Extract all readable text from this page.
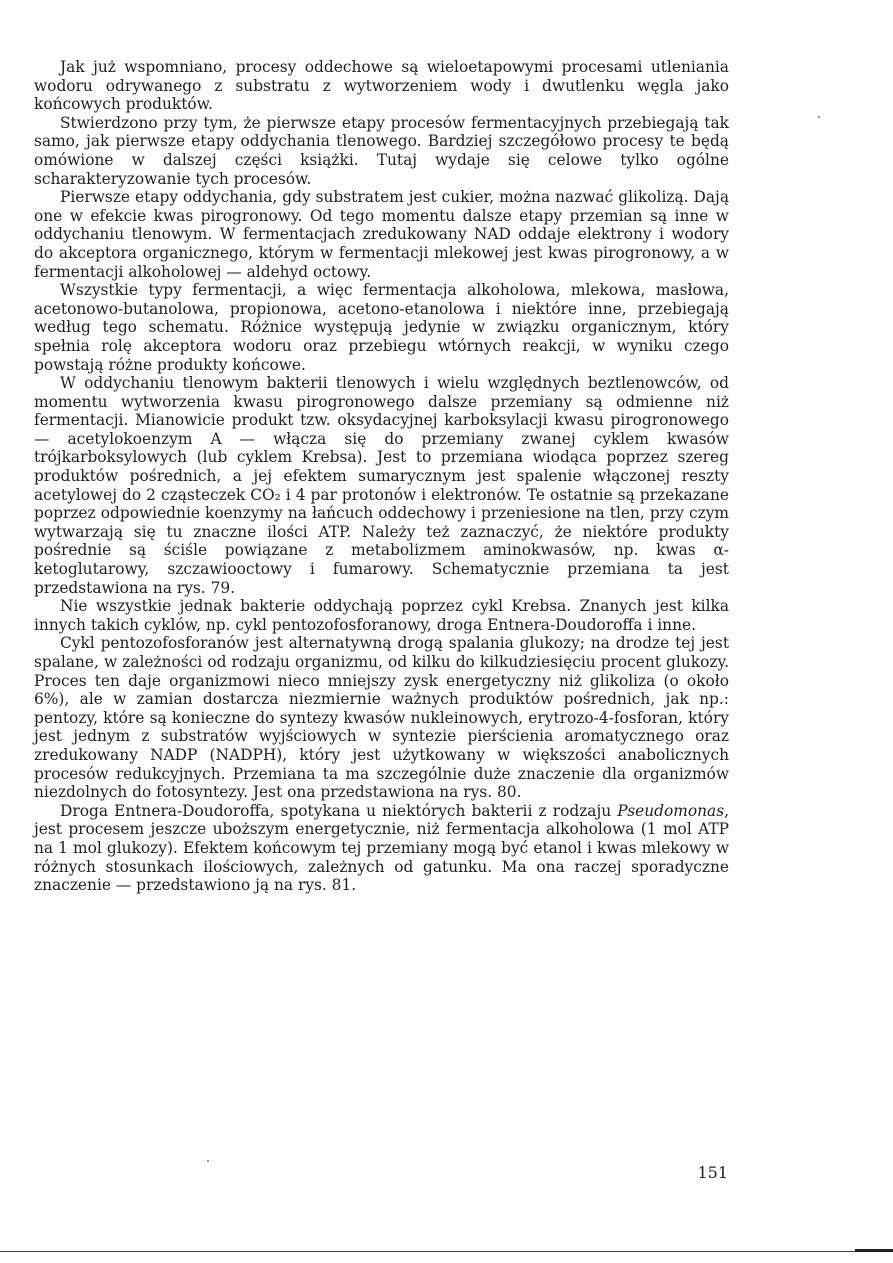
Jak już wspomniano, procesy oddechowe są wieloetapowymi procesami utleniania wodoru odrywanego z substratu z wytworzeniem wody i dwutlenku węgla jako końcowych produktów.

Stwierdzono przy tym, że pierwsze etapy procesów fermentacyjnych przebiegają tak samo, jak pierwsze etapy oddychania tlenowego. Bardziej szczegółowo procesy te będą omówione w dalszej części książki. Tutaj wydaje się celowe tylko ogólne scharakteryzowanie tych procesów.

Pierwsze etapy oddychania, gdy substratem jest cukier, można nazwać glikolizą. Dają one w efekcie kwas pirogronowy. Od tego momentu dalsze etapy przemian są inne w oddychaniu tlenowym. W fermentacjach zredukowany NAD oddaje elektrony i wodory do akceptora organicznego, którym w fermentacji mlekowej jest kwas pirogronowy, a w fermentacji alkoholowej — aldehyd octowy.

Wszystkie typy fermentacji, a więc fermentacja alkoholowa, mlekowa, masłowa, acetonowo-butanolowa, propionowa, acetono-etanolowa i niektóre inne, przebiegają według tego schematu. Różnice występują jedynie w związku organicznym, który spełnia rolę akceptora wodoru oraz przebiegu wtórnych reakcji, w wyniku czego powstają różne produkty końcowe.

W oddychaniu tlenowym bakterii tlenowych i wielu względnych beztlenowców, od momentu wytworzenia kwasu pirogronowego dalsze przemiany są odmienne niż fermentacji. Mianowicie produkt tzw. oksydacyjnej karboksylacji kwasu pirogronowego — acetylokoenzym A — włącza się do przemiany zwanej cyklem kwasów trójkarboksylowych (lub cyklem Krebsa). Jest to przemiana wiodąca poprzez szereg produktów pośrednich, a jej efektem sumarycznym jest spalenie włączonej reszty acetylowej do 2 cząsteczek CO₂ i 4 par protonów i elektronów. Te ostatnie są przekazane poprzez odpowiednie koenzymy na łańcuch oddechowy i przeniesione na tlen, przy czym wytwarzają się tu znaczne ilości ATP. Należy też zaznaczyć, że niektóre produkty pośrednie są ściśle powiązane z metabolizmem aminokwasów, np. kwas α-ketoglutarowy, szczawiooctowy i fumarowy. Schematycznie przemiana ta jest przedstawiona na rys. 79.

Nie wszystkie jednak bakterie oddychają poprzez cykl Krebsa. Znanych jest kilka innych takich cyklów, np. cykl pentozofosforanowy, droga Entnera-Doudoroffa i inne.

Cykl pentozofosforanów jest alternatywną drogą spalania glukozy; na drodze tej jest spalane, w zależności od rodzaju organizmu, od kilku do kilkudziesięciu procent glukozy. Proces ten daje organizmowi nieco mniejszy zysk energetyczny niż glikoliza (o około 6%), ale w zamian dostarcza niezmiernie ważnych produktów pośrednich, jak np.: pentozy, które są konieczne do syntezy kwasów nukleinowych, erytrozo-4-fosforan, który jest jednym z substratów wyjściowych w syntezie pierścienia aromatycznego oraz zredukowany NADP (NADPH), który jest użytkowany w większości anabolicznych procesów redukcyjnych. Przemiana ta ma szczególnie duże znaczenie dla organizmów niezdolnych do fotosyntezy. Jest ona przedstawiona na rys. 80.

Droga Entnera-Doudoroffa, spotykana u niektórych bakterii z rodzaju Pseudomonas, jest procesem jeszcze uboższym energetycznie, niż fermentacja alkoholowa (1 mol ATP na 1 mol glukozy). Efektem końcowym tej przemiany mogą być etanol i kwas mlekowy w różnych stosunkach ilościowych, zależnych od gatunku. Ma ona raczej sporadyczne znaczenie — przedstawiono ją na rys. 81.

151
